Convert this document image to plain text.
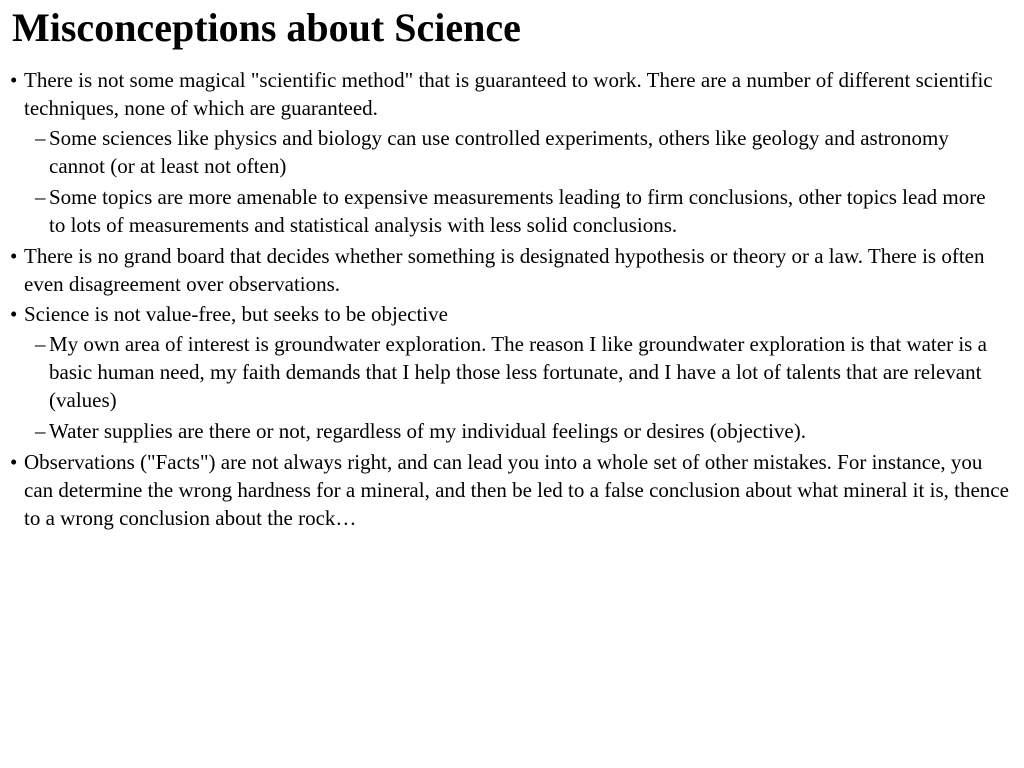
Misconceptions about Science
• There is not some magical "scientific method" that is guaranteed to work. There are a number of different scientific techniques, none of which are guaranteed.
– Some sciences like physics and biology can use controlled experiments, others like geology and astronomy cannot (or at least not often)
– Some topics are more amenable to expensive measurements leading to firm conclusions, other topics lead more to lots of measurements and statistical analysis with less solid conclusions.
• There is no grand board that decides whether something is designated hypothesis or theory or a law. There is often even disagreement over observations.
• Science is not value-free, but seeks to be objective
– My own area of interest is groundwater exploration. The reason I like groundwater exploration is that water is a basic human need, my faith demands that I help those less fortunate, and I have a lot of talents that are relevant (values)
– Water supplies are there or not, regardless of my individual feelings or desires (objective).
• Observations ("Facts") are not always right, and can lead you into a whole set of other mistakes. For instance, you can determine the wrong hardness for a mineral, and then be led to a false conclusion about what mineral it is, thence to a wrong conclusion about the rock…
